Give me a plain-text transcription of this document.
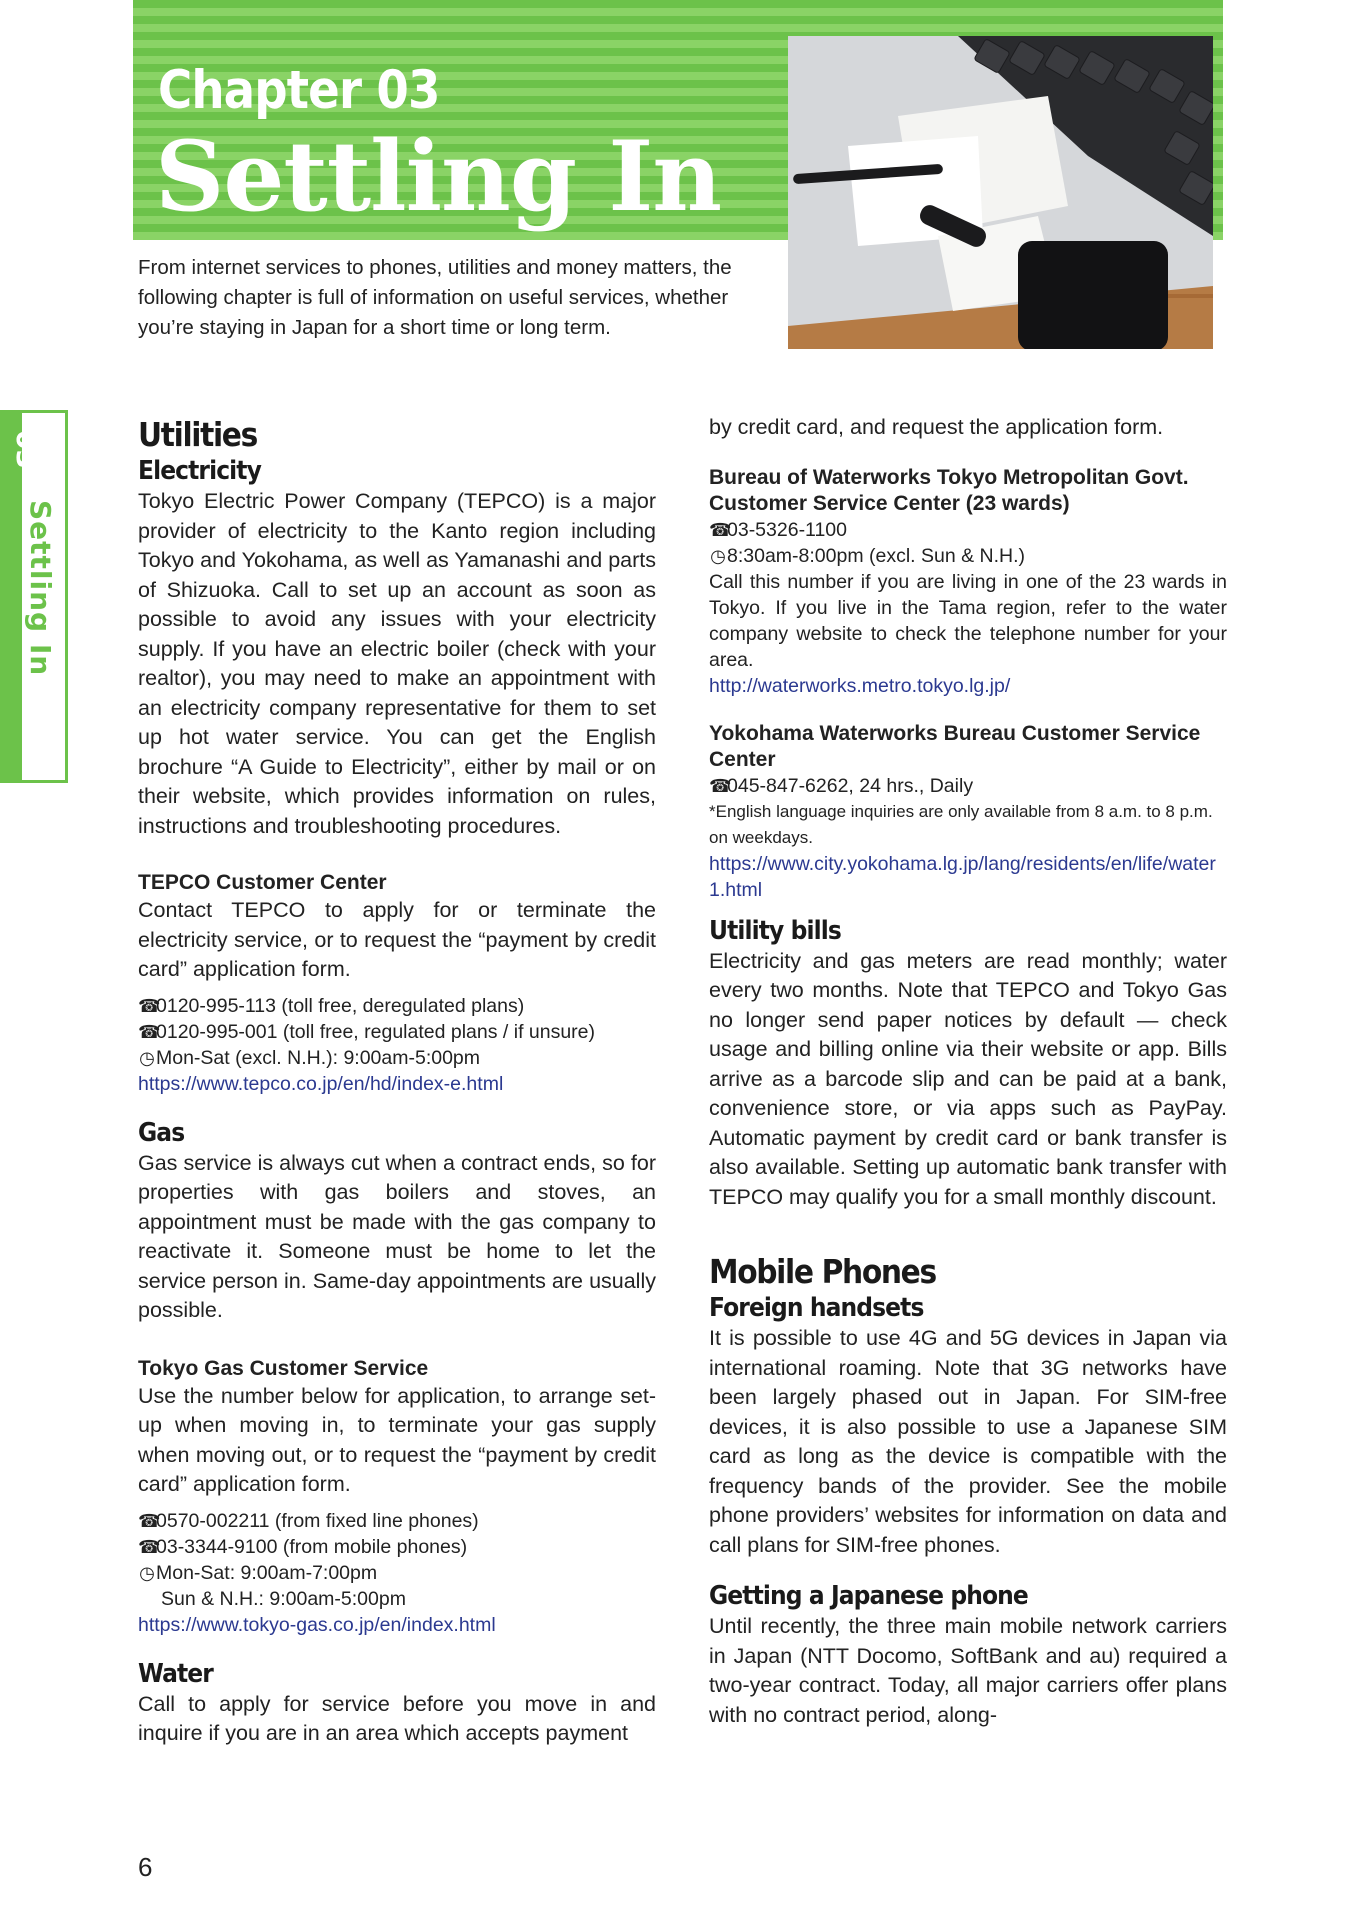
Chapter 03
Settling In
From internet services to phones, utilities and money matters, the following chapter is full of information on useful services, whether you’re staying in Japan for a short time or long term.
03
Settling In
Utilities
Electricity

Tokyo Electric Power Company (TEPCO) is a major provider of electricity to the Kanto region including Tokyo and Yokohama, as well as Yamanashi and parts of Shizuoka. Call to set up an account as soon as possible to avoid any issues with your electricity supply. If you have an electric boiler (check with your realtor), you may need to make an appointment with an electricity company representative for them to set up hot water service. You can get the English brochure “A Guide to Electricity”, either by mail or on their website, which provides information on rules, instructions and troubleshooting procedures.

TEPCO Customer Center

Contact TEPCO to apply for or terminate the electricity service, or to request the “payment by credit card” application form.

☎0120-995-113 (toll free, deregulated plans)
☎0120-995-001 (toll free, regulated plans / if unsure)
◷Mon-Sat (excl. N.H.): 9:00am-5:00pm
https://www.tepco.co.jp/en/hd/index-e.html
Gas

Gas service is always cut when a contract ends, so for properties with gas boilers and stoves, an appointment must be made with the gas company to reactivate it. Someone must be home to let the service person in. Same-day appointments are usually possible.

Tokyo Gas Customer Service

Use the number below for application, to arrange set-up when moving in, to terminate your gas supply when moving out, or to request the “payment by credit card” application form.

☎0570-002211 (from fixed line phones)
☎03-3344-9100 (from mobile phones)
◷Mon-Sat: 9:00am-7:00pm
Sun & N.H.: 9:00am-5:00pm
https://www.tokyo-gas.co.jp/en/index.html
Water

Call to apply for service before you move in and inquire if you are in an area which accepts payment

by credit card, and request the application form.

Bureau of Waterworks Tokyo Metropolitan Govt. Customer Service Center (23 wards)
☎03-5326-1100
◷8:30am-8:00pm (excl. Sun & N.H.)

Call this number if you are living in one of the 23 wards in Tokyo. If you live in the Tama region, refer to the water company website to check the telephone number for your area.

http://waterworks.metro.tokyo.lg.jp/
Yokohama Waterworks Bureau Customer Service Center
☎045-847-6262, 24 hrs., Daily
*English language inquiries are only available from 8 a.m. to 8 p.m. on weekdays.
https://www.city.yokohama.lg.jp/lang/residents/en/life/water1.html
Utility bills

Electricity and gas meters are read monthly; water every two months. Note that TEPCO and Tokyo Gas no longer send paper notices by default — check usage and billing online via their website or app. Bills arrive as a barcode slip and can be paid at a bank, convenience store, or via apps such as PayPay. Automatic payment by credit card or bank transfer is also available. Setting up automatic bank transfer with TEPCO may qualify you for a small monthly discount.

Mobile Phones
Foreign handsets

It is possible to use 4G and 5G devices in Japan via international roaming. Note that 3G networks have been largely phased out in Japan. For SIM-free devices, it is also possible to use a Japanese SIM card as long as the device is compatible with the frequency bands of the provider. See the mobile phone providers’ websites for information on data and call plans for SIM-free phones.

Getting a Japanese phone

Until recently, the three main mobile network carriers in Japan (NTT Docomo, SoftBank and au) required a two-year contract. Today, all major carriers offer plans with no contract period, along-

6
